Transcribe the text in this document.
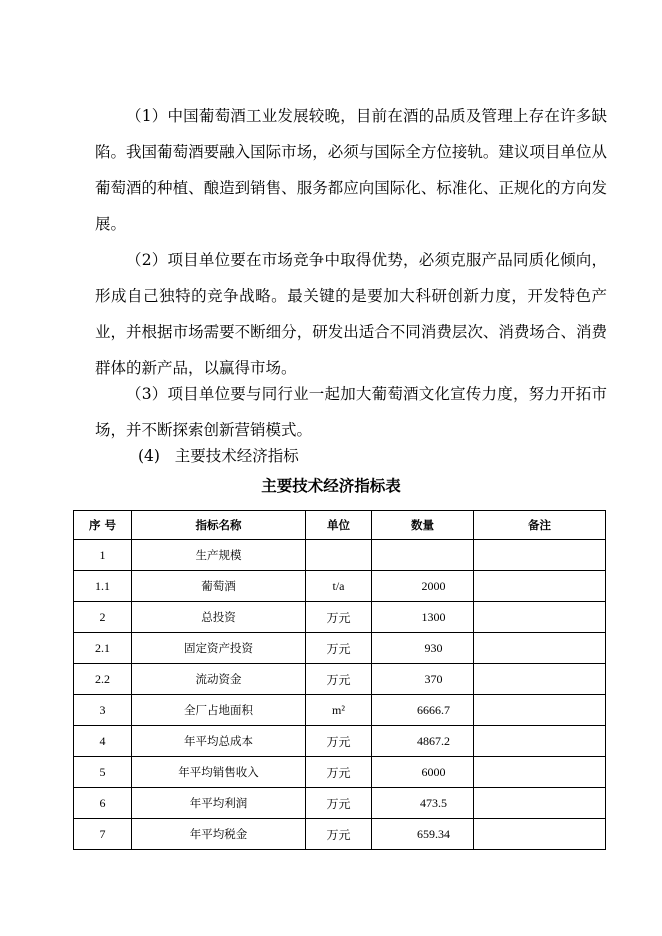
（1）中国葡萄酒工业发展较晚，目前在酒的品质及管理上存在许多缺陷。我国葡萄酒要融入国际市场，必须与国际全方位接轨。建议项目单位从葡萄酒的种植、酿造到销售、服务都应向国际化、标准化、正规化的方向发展。
（2）项目单位要在市场竞争中取得优势，必须克服产品同质化倾向，形成自己独特的竞争战略。最关键的是要加大科研创新力度，开发特色产业，并根据市场需要不断细分，研发出适合不同消费层次、消费场合、消费群体的新产品，以赢得市场。
（3）项目单位要与同行业一起加大葡萄酒文化宣传力度，努力开拓市场，并不断探索创新营销模式。
(4)   主要技术经济指标
主要技术经济指标表
序 号	指标名称	单位	数量	备注
1	生产规模			
1.1	葡萄酒	t/a	2000	
2	总投资	万元	1300	
2.1	固定资产投资	万元	930	
2.2	流动资金	万元	370	
3	全厂占地面积	m²	6666.7	
4	年平均总成本	万元	4867.2	
5	年平均销售收入	万元	6000	
6	年平均利润	万元	473.5	
7	年平均税金	万元	659.34	
